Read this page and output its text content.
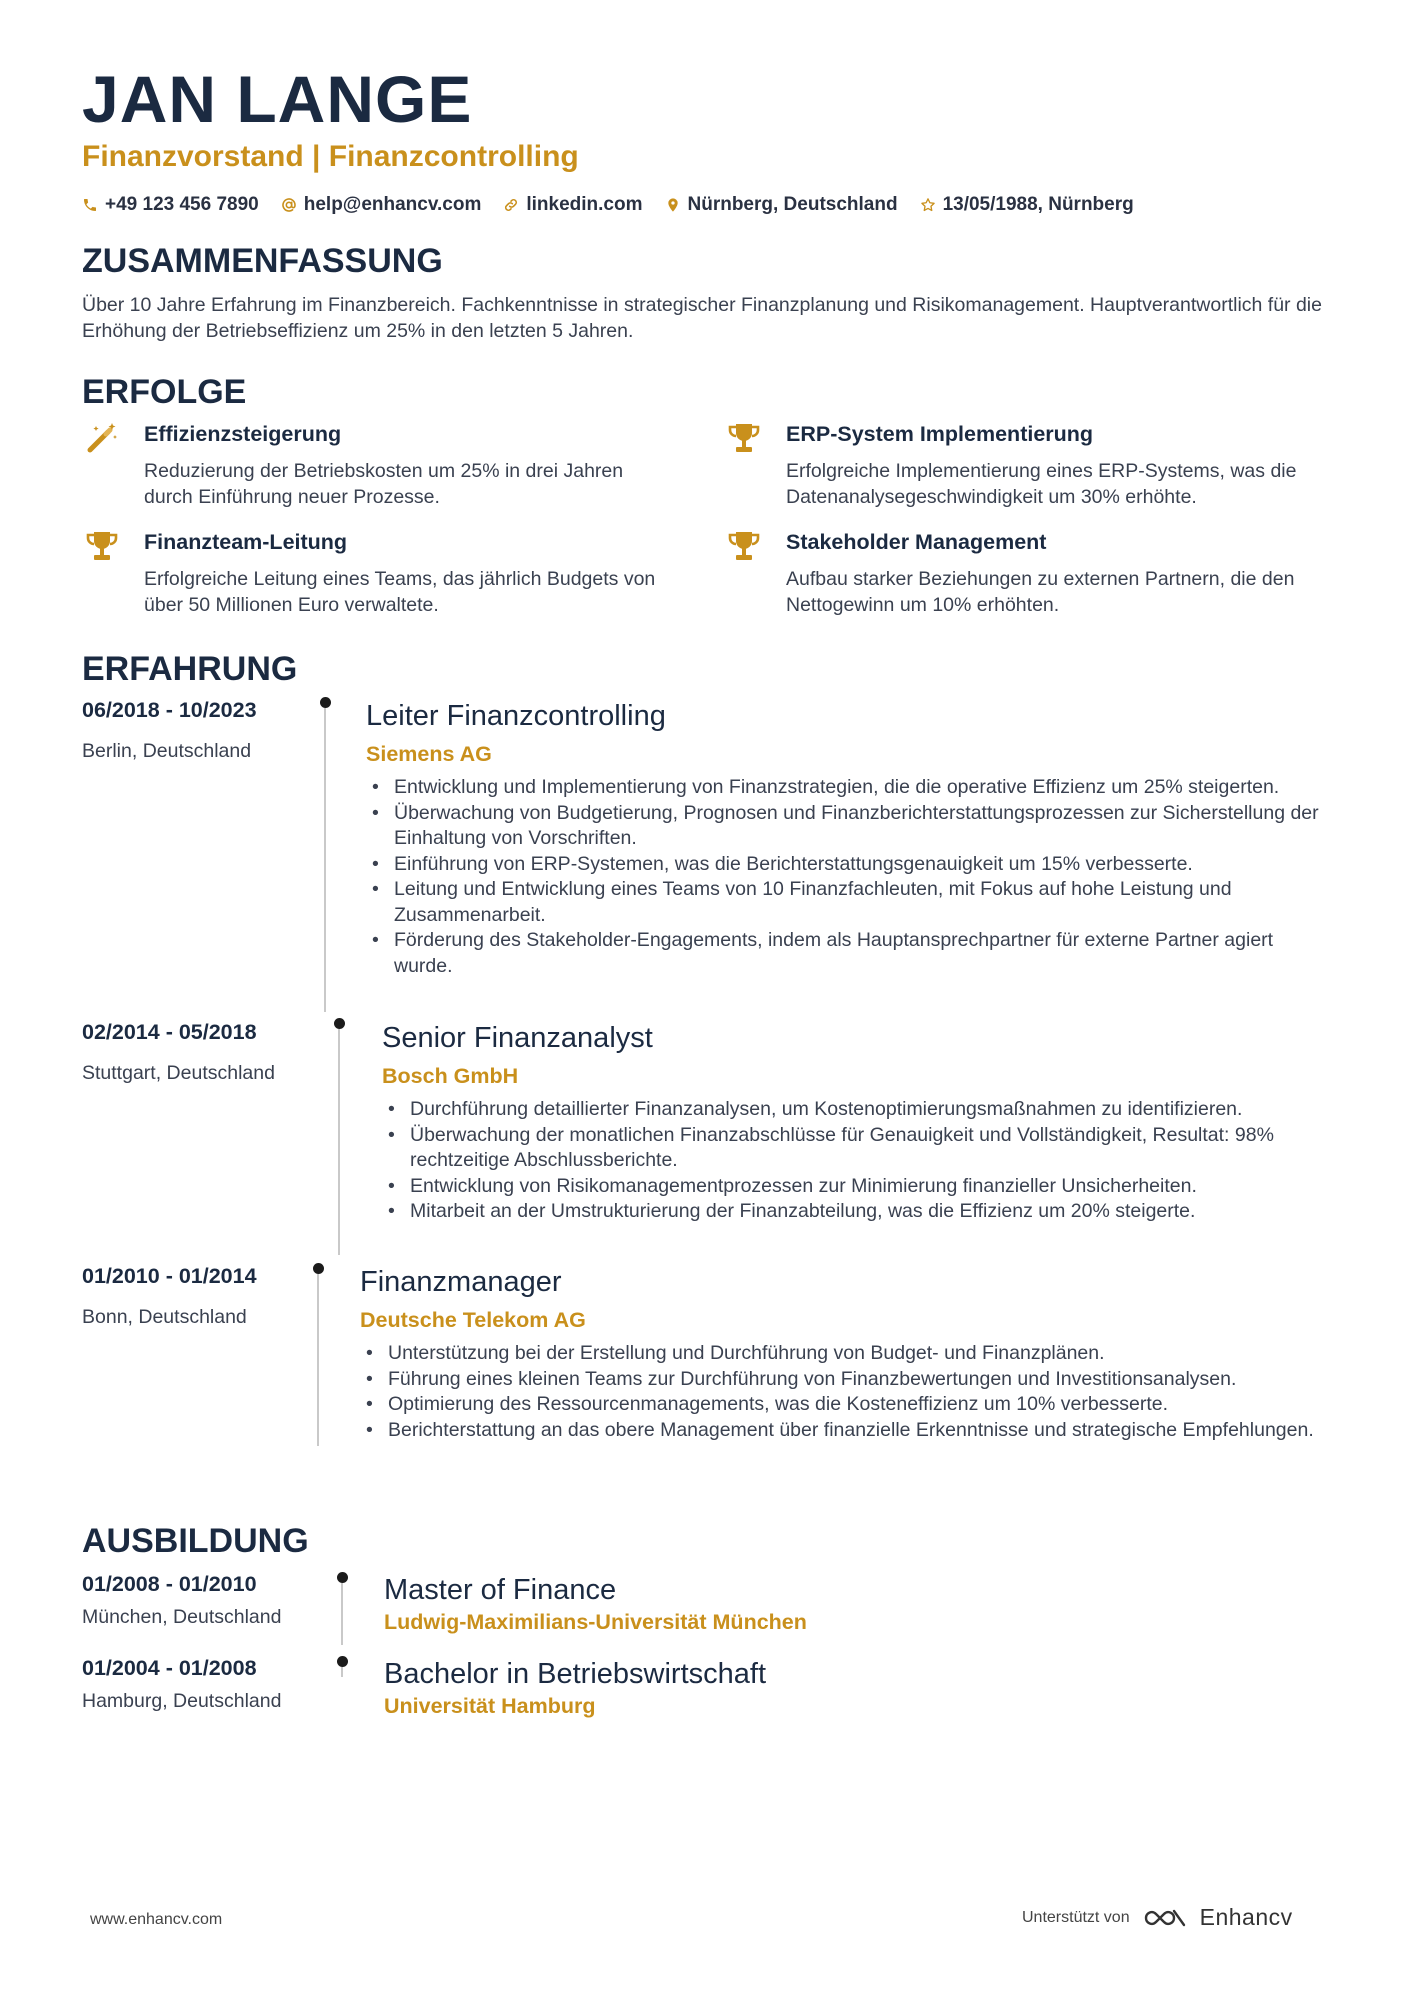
JAN LANGE

Finanzvorstand | Finanzcontrolling

+49 123 456 7890 help@enhancv.com linkedin.com Nürnberg, Deutschland 13/05/1988, Nürnberg
ZUSAMMENFASSUNG

Über 10 Jahre Erfahrung im Finanzbereich. Fachkenntnisse in strategischer Finanzplanung und Risikomanagement. Hauptverantwortlich für die Erhöhung der Betriebseffizienz um 25% in den letzten 5 Jahren.

ERFOLGE

Effizienzsteigerung

Reduzierung der Betriebskosten um 25% in drei Jahren durch Einführung neuer Prozesse.

ERP-System Implementierung

Erfolgreiche Implementierung eines ERP-Systems, was die Datenanalysegeschwindigkeit um 30% erhöhte.

Finanzteam-Leitung

Erfolgreiche Leitung eines Teams, das jährlich Budgets von über 50 Millionen Euro verwaltete.

Stakeholder Management

Aufbau starker Beziehungen zu externen Partnern, die den Nettogewinn um 10% erhöhten.

ERFAHRUNG

06/2018 - 10/2023

Berlin, Deutschland

Leiter Finanzcontrolling

Siemens AG

• Entwicklung und Implementierung von Finanzstrategien, die die operative Effizienz um 25% steigerten.
• Überwachung von Budgetierung, Prognosen und Finanzberichterstattungsprozessen zur Sicherstellung der Einhaltung von Vorschriften.
• Einführung von ERP-Systemen, was die Berichterstattungsgenauigkeit um 15% verbesserte.
• Leitung und Entwicklung eines Teams von 10 Finanzfachleuten, mit Fokus auf hohe Leistung und Zusammenarbeit.
• Förderung des Stakeholder-Engagements, indem als Hauptansprechpartner für externe Partner agiert wurde.

02/2014 - 05/2018

Stuttgart, Deutschland

Senior Finanzanalyst

Bosch GmbH

• Durchführung detaillierter Finanzanalysen, um Kostenoptimierungsmaßnahmen zu identifizieren.
• Überwachung der monatlichen Finanzabschlüsse für Genauigkeit und Vollständigkeit, Resultat: 98% rechtzeitige Abschlussberichte.
• Entwicklung von Risikomanagementprozessen zur Minimierung finanzieller Unsicherheiten.
• Mitarbeit an der Umstrukturierung der Finanzabteilung, was die Effizienz um 20% steigerte.

01/2010 - 01/2014

Bonn, Deutschland

Finanzmanager

Deutsche Telekom AG

• Unterstützung bei der Erstellung und Durchführung von Budget- und Finanzplänen.
• Führung eines kleinen Teams zur Durchführung von Finanzbewertungen und Investitionsanalysen.
• Optimierung des Ressourcenmanagements, was die Kosteneffizienz um 10% verbesserte.
• Berichterstattung an das obere Management über finanzielle Erkenntnisse und strategische Empfehlungen.
AUSBILDUNG

01/2008 - 01/2010

München, Deutschland

Master of Finance

Ludwig-Maximilians-Universität München

01/2004 - 01/2008

Hamburg, Deutschland

Bachelor in Betriebswirtschaft

Universität Hamburg

www.enhancv.com	Unterstützt von	Enhancv
